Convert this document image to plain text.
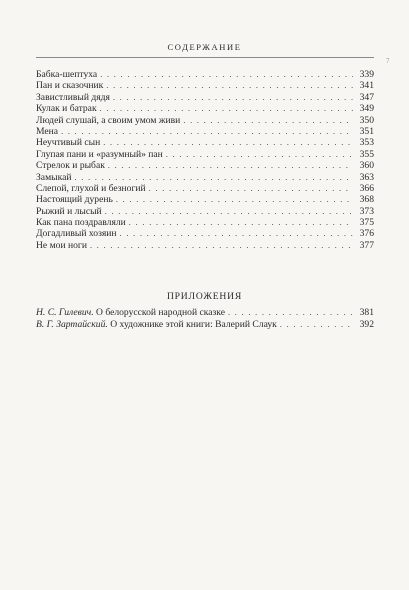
СОДЕРЖАНИЕ
7
Бабка-шептуха . . .	339
Пан и сказочник . . .	341
Завистливый дядя . . .	347
Кулак и батрак . . .	349
Людей слушай, а своим умом живи . . .	350
Мена . . .	351
Неучтивый сын . . .	353
Глупая пани и «разумный» пан . . .	355
Стрелок и рыбак . . .	360
Замыкай . . .	363
Слепой, глухой и безногий . . .	366
Настоящий дурень . . .	368
Рыжий и лысый . . .	373
Как пана поздравляли . . .	375
Догадливый хозяин . . .	376
Не мои ноги . . .	377
ПРИЛОЖЕНИЯ
Н. С. Гилевич. О белорусской народной сказке . . .	381
В. Г. Зартайский. О художнике этой книги: Валерий Слаук . . .	392
